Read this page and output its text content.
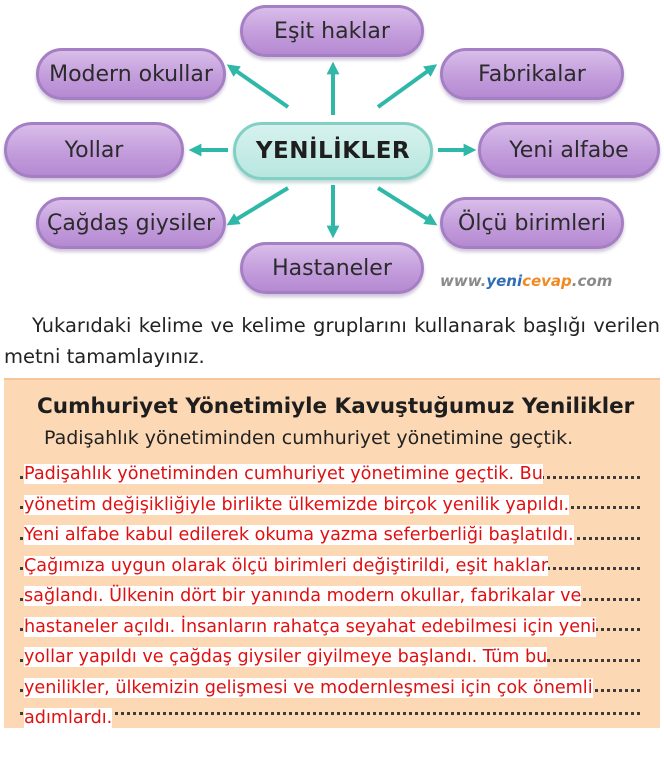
Eşit haklar
Modern okullar	Fabrikalar
Yollar	Yeni alfabe
Çağdaş giysiler	Ölçü birimleri
Hastaneler
YENİLİKLER
www.yenicevap.com
Yukarıdaki kelime ve kelime gruplarını kullanarak başlığı verilen metni tamamlayınız.
Cumhuriyet Yönetimiyle Kavuştuğumuz Yenilikler
Padişahlık yönetiminden cumhuriyet yönetimine geçtik.

Padişahlık yönetiminden cumhuriyet yönetimine geçtik. Bu
yönetim değişikliğiyle birlikte ülkemizde birçok yenilik yapıldı.
Yeni alfabe kabul edilerek okuma yazma seferberliği başlatıldı.
Çağımıza uygun olarak ölçü birimleri değiştirildi, eşit haklar
sağlandı. Ülkenin dört bir yanında modern okullar, fabrikalar ve
hastaneler açıldı. İnsanların rahatça seyahat edebilmesi için yeni
yollar yapıldı ve çağdaş giysiler giyilmeye başlandı. Tüm bu
yenilikler, ülkemizin gelişmesi ve modernleşmesi için çok önemli
adımlardı.
